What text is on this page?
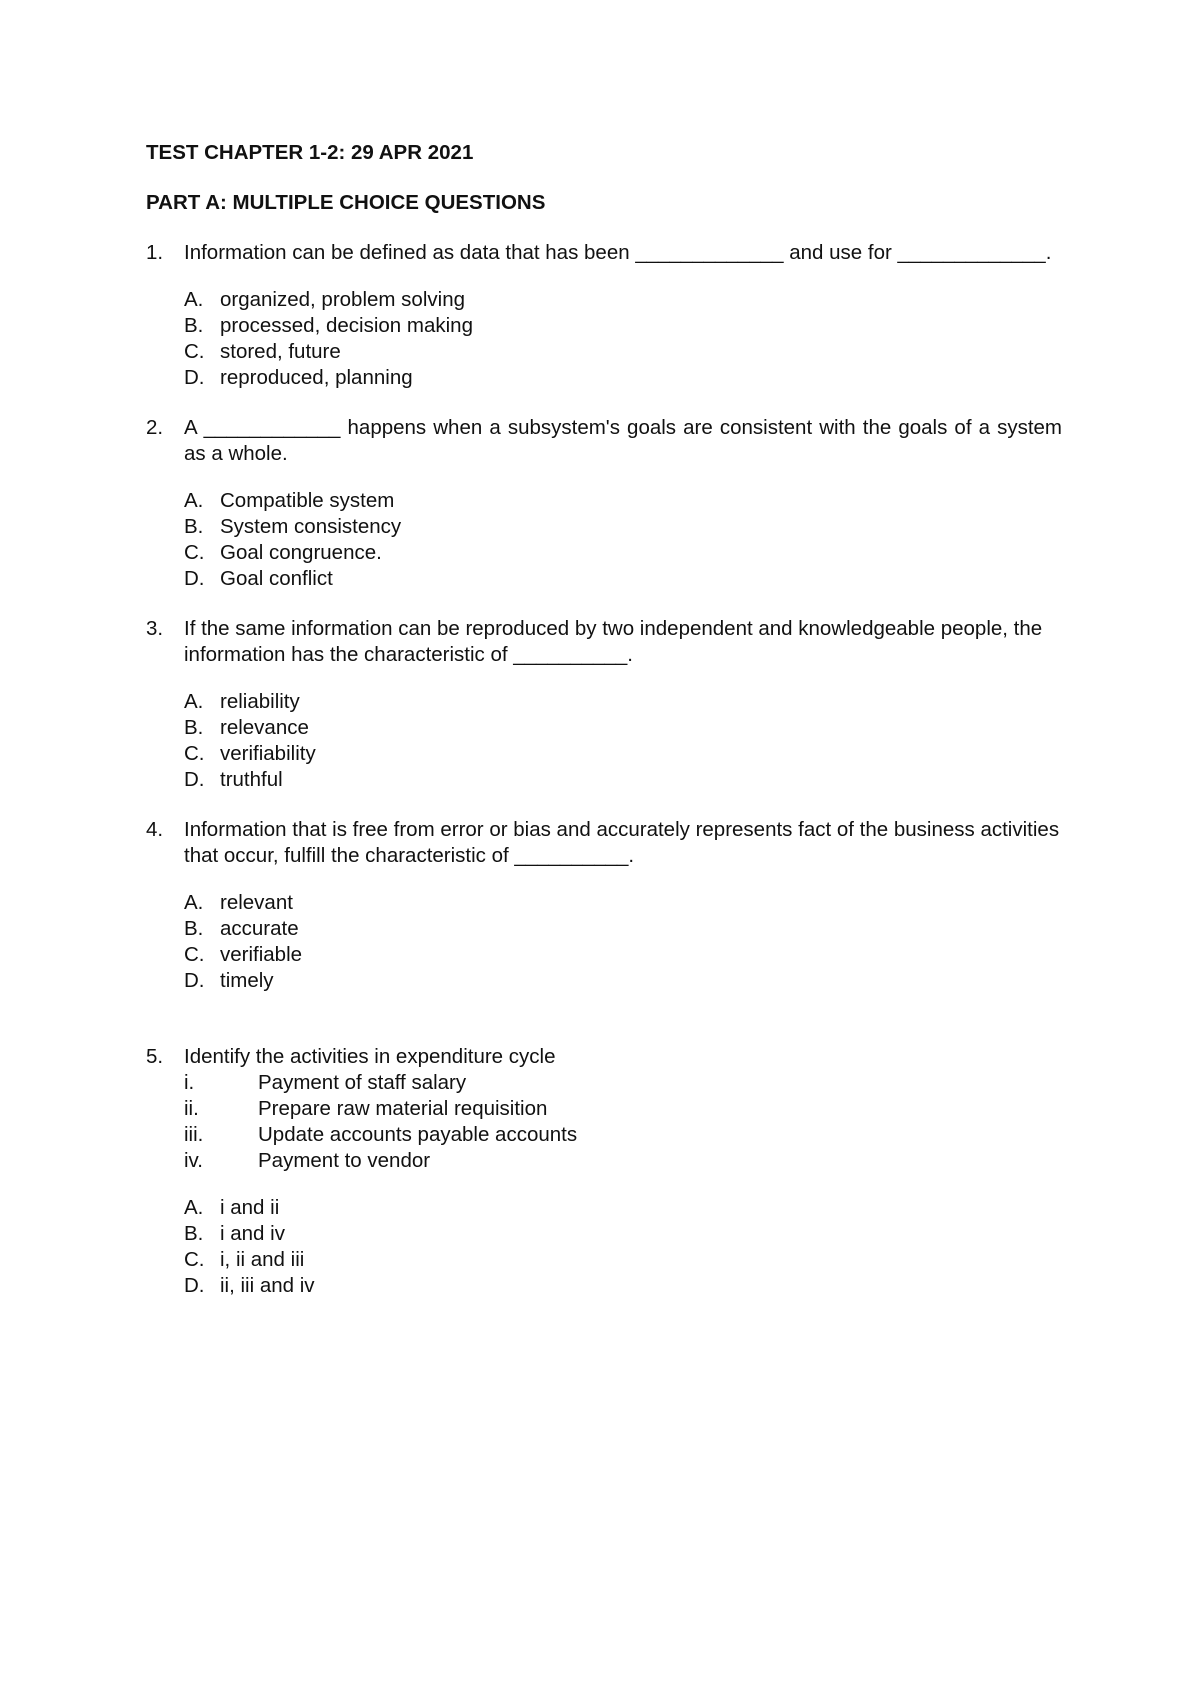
TEST CHAPTER 1-2: 29 APR 2021

PART A: MULTIPLE CHOICE QUESTIONS

1. Information can be defined as data that has been _____________ and use for _____________.

A. organized, problem solving
B. processed, decision making
C. stored, future
D. reproduced, planning
2. A ____________ happens when a subsystem's goals are consistent with the goals of a system as a whole.

A. Compatible system
B. System consistency
C. Goal congruence.
D. Goal conflict
3. If the same information can be reproduced by two independent and knowledgeable people, the information has the characteristic of __________.

A. reliability
B. relevance
C. verifiability
D. truthful
4. Information that is free from error or bias and accurately represents fact of the business activities that occur, fulfill the characteristic of __________.

A. relevant
B. accurate
C. verifiable
D. timely
5. Identify the activities in expenditure cycle

i.	Payment of staff salary
ii.	Prepare raw material requisition
iii.	Update accounts payable accounts
iv.	Payment to vendor
A. i and ii
B. i and iv
C. i, ii and iii
D. ii, iii and iv
